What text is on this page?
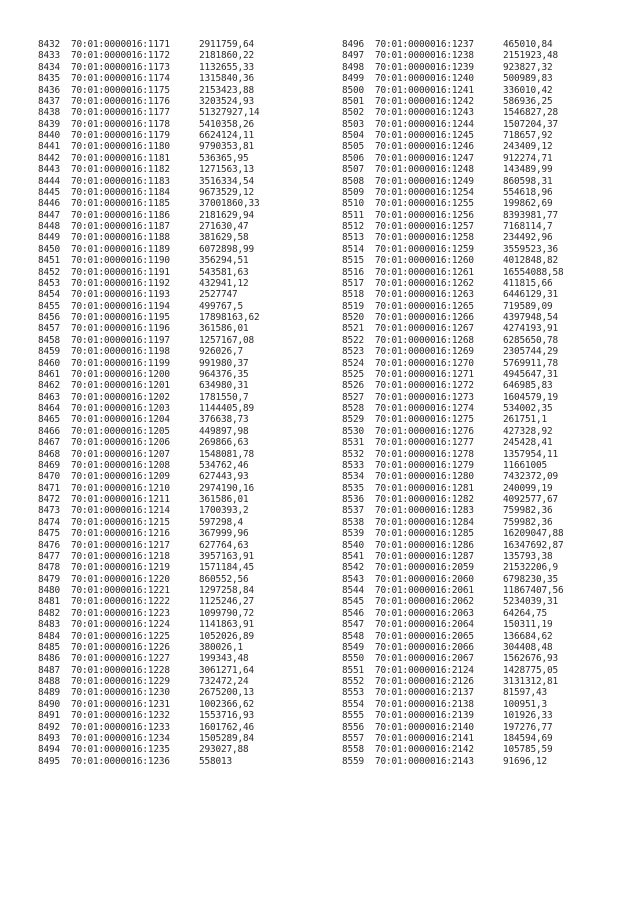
8432 70:01:0000016:1171	2911759,64
8433 70:01:0000016:1172	2181860,22
8434 70:01:0000016:1173	1132655,33
8435 70:01:0000016:1174	1315840,36
8436 70:01:0000016:1175	2153423,88
8437 70:01:0000016:1176	3203524,93
8438 70:01:0000016:1177	51327927,14
8439 70:01:0000016:1178	5410358,26
8440 70:01:0000016:1179	6624124,11
8441 70:01:0000016:1180	9790353,81
8442 70:01:0000016:1181	536365,95
8443 70:01:0000016:1182	1271563,13
8444 70:01:0000016:1183	3516334,54
8445 70:01:0000016:1184	9673529,12
8446 70:01:0000016:1185	37001860,33
8447 70:01:0000016:1186	2181629,94
8448 70:01:0000016:1187	271630,47
8449 70:01:0000016:1188	381629,58
8450 70:01:0000016:1189	6072898,99
8451 70:01:0000016:1190	356294,51
8452 70:01:0000016:1191	543581,63
8453 70:01:0000016:1192	432941,12
8454 70:01:0000016:1193	2527747
8455 70:01:0000016:1194	499767,5
8456 70:01:0000016:1195	17898163,62
8457 70:01:0000016:1196	361586,01
8458 70:01:0000016:1197	1257167,08
8459 70:01:0000016:1198	926026,7
8460 70:01:0000016:1199	991980,37
8461 70:01:0000016:1200	964376,35
8462 70:01:0000016:1201	634980,31
8463 70:01:0000016:1202	1781550,7
8464 70:01:0000016:1203	1144405,89
8465 70:01:0000016:1204	376638,73
8466 70:01:0000016:1205	449897,98
8467 70:01:0000016:1206	269866,63
8468 70:01:0000016:1207	1548081,78
8469 70:01:0000016:1208	534762,46
8470 70:01:0000016:1209	627443,93
8471 70:01:0000016:1210	2974190,16
8472 70:01:0000016:1211	361586,01
8473 70:01:0000016:1214	1700393,2
8474 70:01:0000016:1215	597298,4
8475 70:01:0000016:1216	367999,96
8476 70:01:0000016:1217	627764,63
8477 70:01:0000016:1218	3957163,91
8478 70:01:0000016:1219	1571184,45
8479 70:01:0000016:1220	860552,56
8480 70:01:0000016:1221	1297258,84
8481 70:01:0000016:1222	1125246,27
8482 70:01:0000016:1223	1099790,72
8483 70:01:0000016:1224	1141863,91
8484 70:01:0000016:1225	1052026,89
8485 70:01:0000016:1226	380026,1
8486 70:01:0000016:1227	199343,48
8487 70:01:0000016:1228	3061271,64
8488 70:01:0000016:1229	732472,24
8489 70:01:0000016:1230	2675200,13
8490 70:01:0000016:1231	1002366,62
8491 70:01:0000016:1232	1553716,93
8492 70:01:0000016:1233	1601762,46
8493 70:01:0000016:1234	1505289,84
8494 70:01:0000016:1235	293027,88
8495 70:01:0000016:1236	558013
8496 70:01:0000016:1237	465010,84
8497 70:01:0000016:1238	2151923,48
8498 70:01:0000016:1239	923827,32
8499 70:01:0000016:1240	500989,83
8500 70:01:0000016:1241	336010,42
8501 70:01:0000016:1242	586936,25
8502 70:01:0000016:1243	1546827,28
8503 70:01:0000016:1244	1507204,37
8504 70:01:0000016:1245	718657,92
8505 70:01:0000016:1246	243409,12
8506 70:01:0000016:1247	912274,71
8507 70:01:0000016:1248	143489,99
8508 70:01:0000016:1249	860598,31
8509 70:01:0000016:1254	554618,96
8510 70:01:0000016:1255	199862,69
8511 70:01:0000016:1256	8393981,77
8512 70:01:0000016:1257	7168114,7
8513 70:01:0000016:1258	234492,96
8514 70:01:0000016:1259	3559523,36
8515 70:01:0000016:1260	4012848,82
8516 70:01:0000016:1261	16554088,58
8517 70:01:0000016:1262	411815,66
8518 70:01:0000016:1263	6446129,31
8519 70:01:0000016:1265	719589,09
8520 70:01:0000016:1266	4397948,54
8521 70:01:0000016:1267	4274193,91
8522 70:01:0000016:1268	6285650,78
8523 70:01:0000016:1269	2305744,29
8524 70:01:0000016:1270	5769911,78
8525 70:01:0000016:1271	4945647,31
8526 70:01:0000016:1272	646985,83
8527 70:01:0000016:1273	1604579,19
8528 70:01:0000016:1274	534002,35
8529 70:01:0000016:1275	261751,1
8530 70:01:0000016:1276	427328,92
8531 70:01:0000016:1277	245428,41
8532 70:01:0000016:1278	1357954,11
8533 70:01:0000016:1279	11661005
8534 70:01:0000016:1280	7432372,09
8535 70:01:0000016:1281	240099,19
8536 70:01:0000016:1282	4092577,67
8537 70:01:0000016:1283	759982,36
8538 70:01:0000016:1284	759982,36
8539 70:01:0000016:1285	16209047,88
8540 70:01:0000016:1286	16347692,87
8541 70:01:0000016:1287	135793,38
8542 70:01:0000016:2059	21532206,9
8543 70:01:0000016:2060	6798230,35
8544 70:01:0000016:2061	11867407,56
8545 70:01:0000016:2062	5234039,31
8546 70:01:0000016:2063	64264,75
8547 70:01:0000016:2064	150311,19
8548 70:01:0000016:2065	136684,62
8549 70:01:0000016:2066	304408,48
8550 70:01:0000016:2067	1562676,93
8551 70:01:0000016:2124	1428775,05
8552 70:01:0000016:2126	3131312,81
8553 70:01:0000016:2137	81597,43
8554 70:01:0000016:2138	100951,3
8555 70:01:0000016:2139	101926,33
8556 70:01:0000016:2140	197276,77
8557 70:01:0000016:2141	184594,69
8558 70:01:0000016:2142	105785,59
8559 70:01:0000016:2143	91696,12
